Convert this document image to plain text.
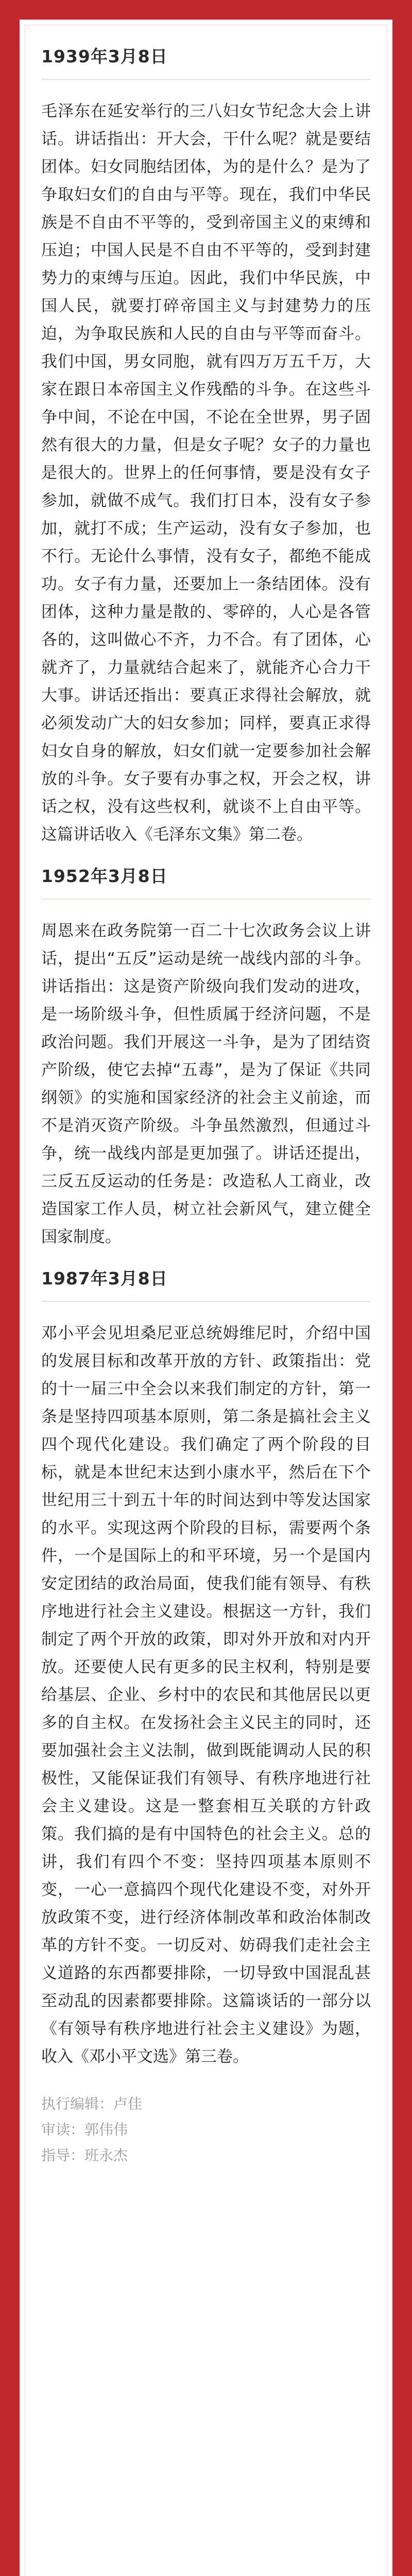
1939年3月8日

毛泽东在延安举行的三八妇女节纪念大会上讲话。讲话指出：开大会，干什么呢？就是要结团体。妇女同胞结团体，为的是什么？是为了争取妇女们的自由与平等。现在，我们中华民族是不自由不平等的，受到帝国主义的束缚和压迫；中国人民是不自由不平等的，受到封建势力的束缚与压迫。因此，我们中华民族，中国人民，就要打碎帝国主义与封建势力的压迫，为争取民族和人民的自由与平等而奋斗。我们中国，男女同胞，就有四万万五千万，大家在跟日本帝国主义作残酷的斗争。在这些斗争中间，不论在中国，不论在全世界，男子固然有很大的力量，但是女子呢？女子的力量也是很大的。世界上的任何事情，要是没有女子参加，就做不成气。我们打日本，没有女子参加，就打不成；生产运动，没有女子参加，也不行。无论什么事情，没有女子，都绝不能成功。女子有力量，还要加上一条结团体。没有团体，这种力量是散的、零碎的，人心是各管各的，这叫做心不齐，力不合。有了团体，心就齐了，力量就结合起来了，就能齐心合力干大事。讲话还指出：要真正求得社会解放，就必须发动广大的妇女参加；同样，要真正求得妇女自身的解放，妇女们就一定要参加社会解放的斗争。女子要有办事之权，开会之权，讲话之权，没有这些权利，就谈不上自由平等。这篇讲话收入《毛泽东文集》第二卷。

1952年3月8日

周恩来在政务院第一百二十七次政务会议上讲话，提出“五反”运动是统一战线内部的斗争。讲话指出：这是资产阶级向我们发动的进攻，是一场阶级斗争，但性质属于经济问题，不是政治问题。我们开展这一斗争，是为了团结资产阶级，使它去掉“五毒”，是为了保证《共同纲领》的实施和国家经济的社会主义前途，而不是消灭资产阶级。斗争虽然激烈，但通过斗争，统一战线内部是更加强了。讲话还提出，三反五反运动的任务是：改造私人工商业，改造国家工作人员，树立社会新风气，建立健全国家制度。

1987年3月8日

邓小平会见坦桑尼亚总统姆维尼时，介绍中国的发展目标和改革开放的方针、政策指出：党的十一届三中全会以来我们制定的方针，第一条是坚持四项基本原则，第二条是搞社会主义四个现代化建设。我们确定了两个阶段的目标，就是本世纪末达到小康水平，然后在下个世纪用三十到五十年的时间达到中等发达国家的水平。实现这两个阶段的目标，需要两个条件，一个是国际上的和平环境，另一个是国内安定团结的政治局面，使我们能有领导、有秩序地进行社会主义建设。根据这一方针，我们制定了两个开放的政策，即对外开放和对内开放。还要使人民有更多的民主权利，特别是要给基层、企业、乡村中的农民和其他居民以更多的自主权。在发扬社会主义民主的同时，还要加强社会主义法制，做到既能调动人民的积极性，又能保证我们有领导、有秩序地进行社会主义建设。这是一整套相互关联的方针政策。我们搞的是有中国特色的社会主义。总的讲，我们有四个不变：坚持四项基本原则不变，一心一意搞四个现代化建设不变，对外开放政策不变，进行经济体制改革和政治体制改革的方针不变。一切反对、妨碍我们走社会主义道路的东西都要排除，一切导致中国混乱甚至动乱的因素都要排除。这篇谈话的一部分以《有领导有秩序地进行社会主义建设》为题，收入《邓小平文选》第三卷。

执行编辑：卢佳
审读：郭伟伟
指导：班永杰
